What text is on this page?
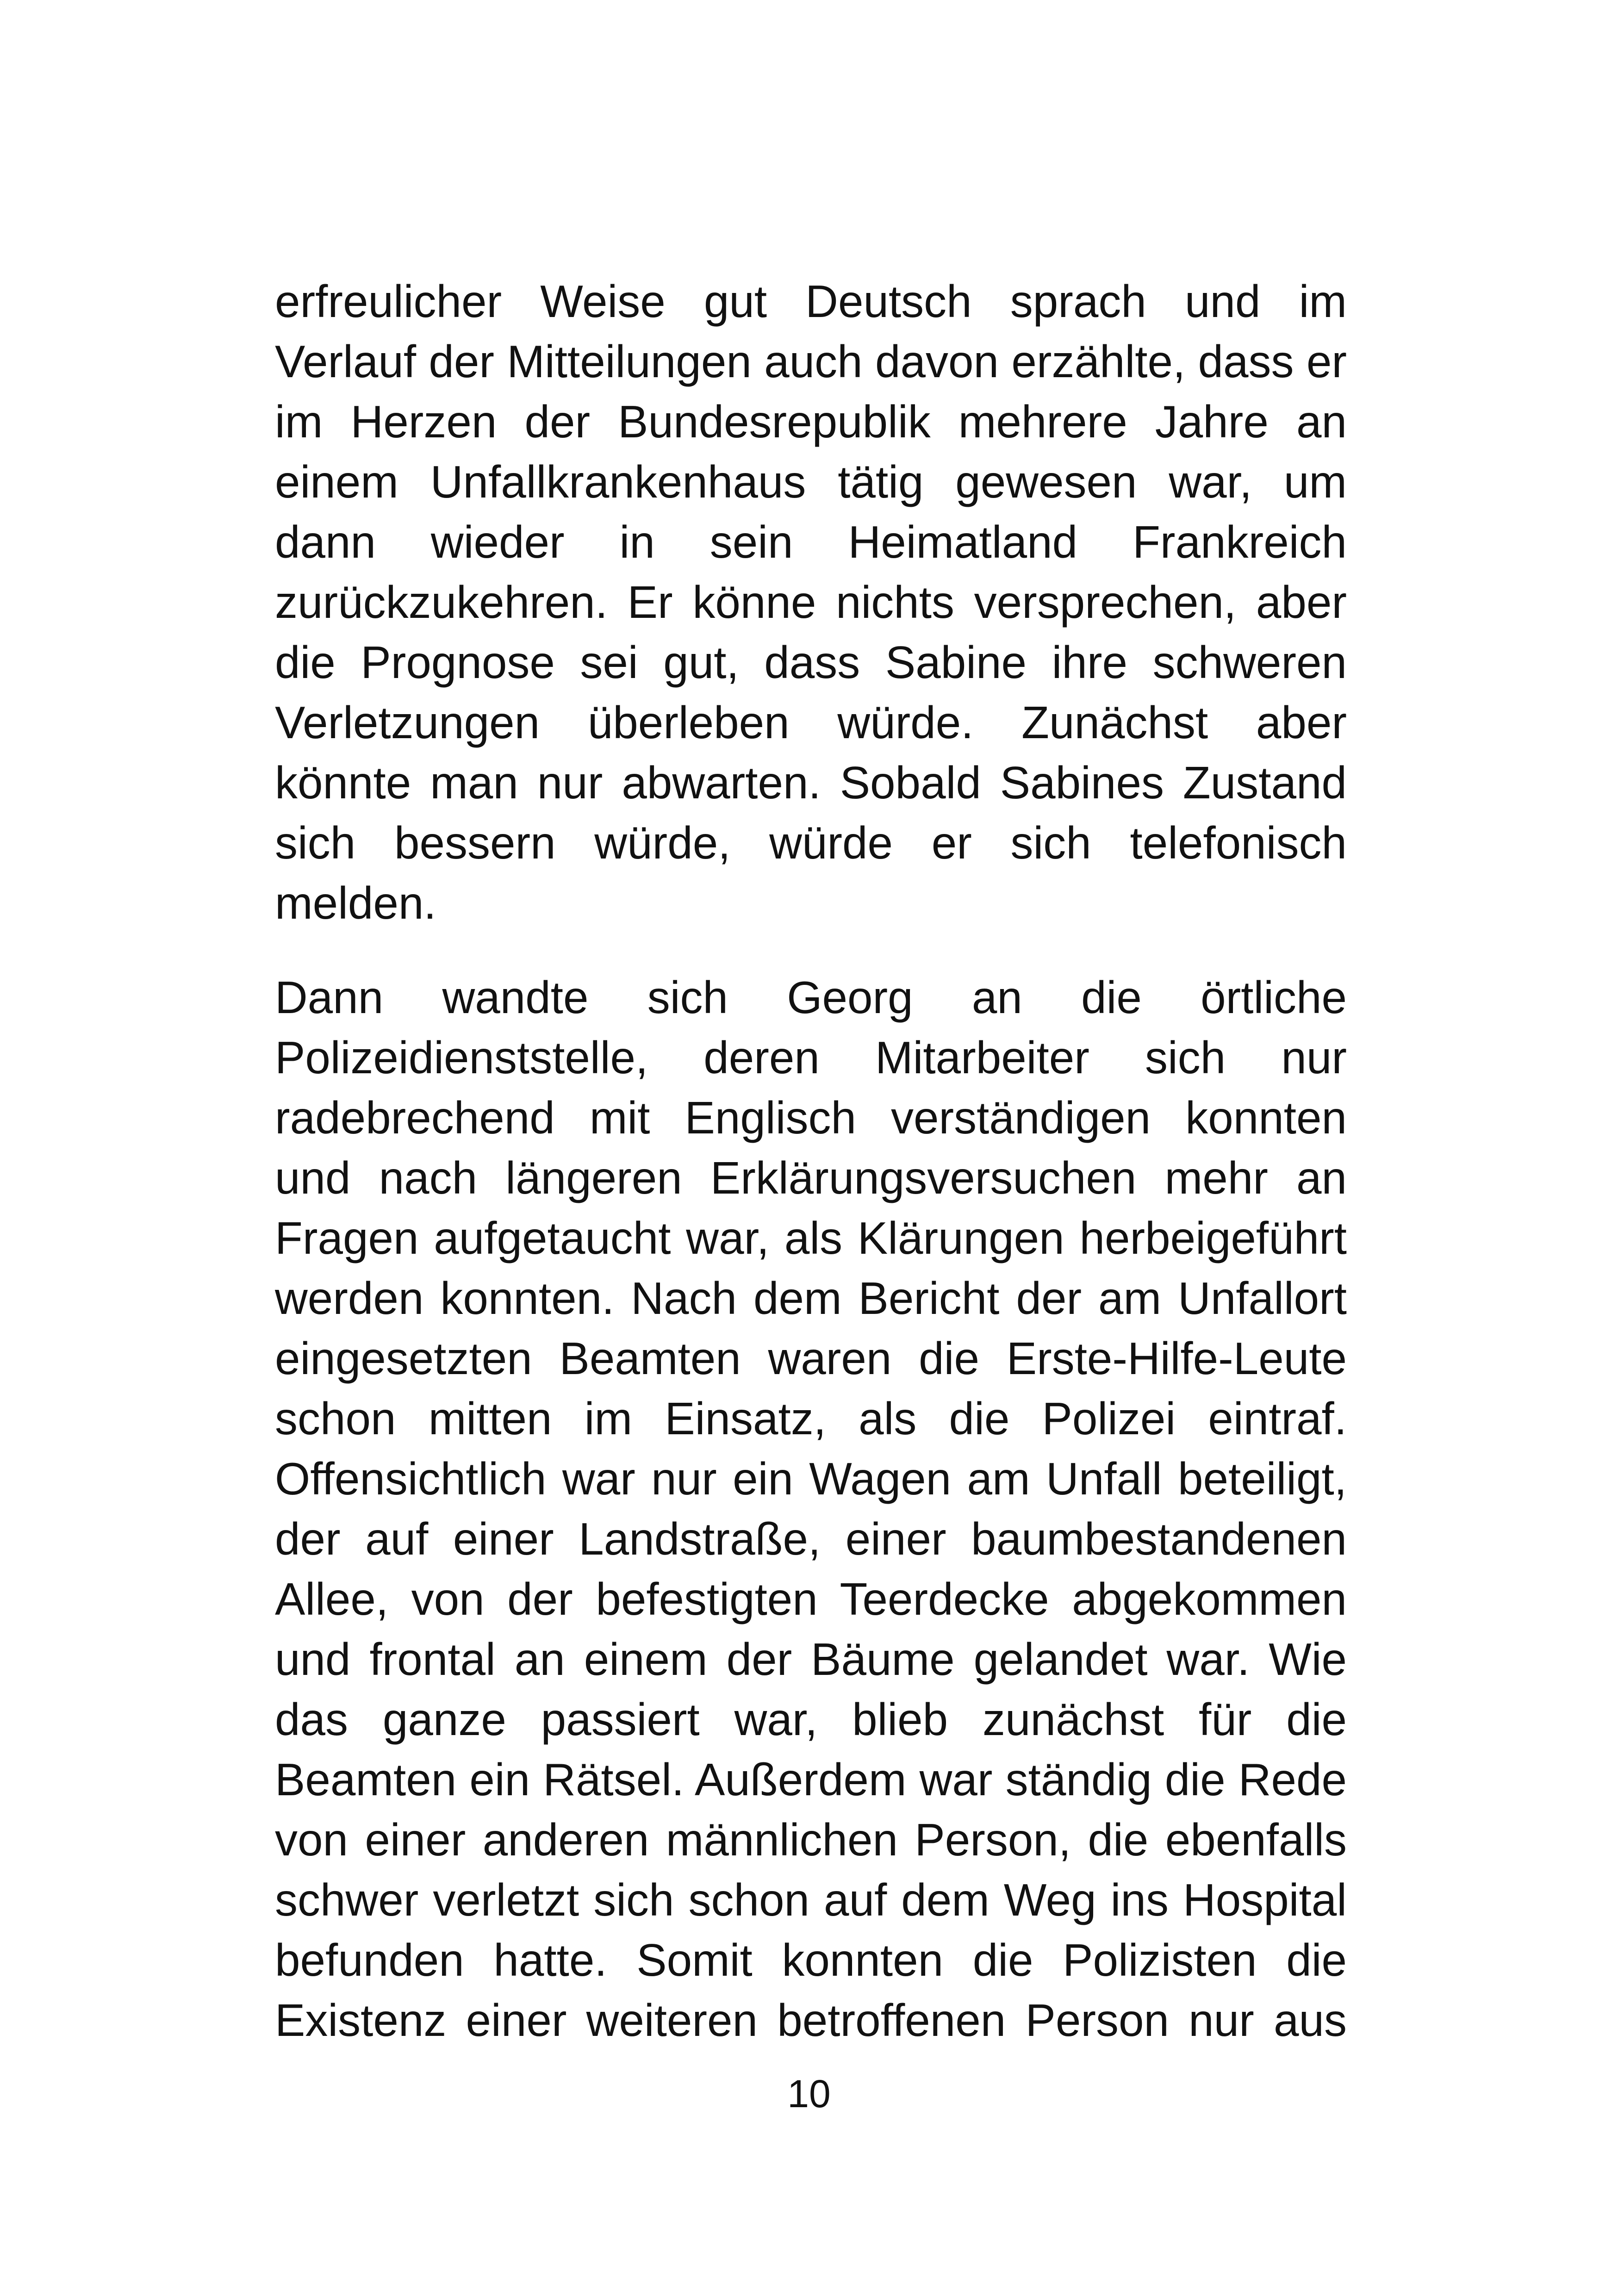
erfreulicher Weise gut Deutsch sprach und im
Verlauf der Mitteilungen auch davon erzählte, dass er
im Herzen der Bundesrepublik mehrere Jahre an
einem Unfallkrankenhaus tätig gewesen war, um
dann wieder in sein Heimatland Frankreich
zurückzukehren. Er könne nichts versprechen, aber
die Prognose sei gut, dass Sabine ihre schweren
Verletzungen überleben würde. Zunächst aber
könnte man nur abwarten. Sobald Sabines Zustand
sich bessern würde, würde er sich telefonisch
melden.

Dann wandte sich Georg an die örtliche
Polizeidienststelle, deren Mitarbeiter sich nur
radebrechend mit Englisch verständigen konnten
und nach längeren Erklärungsversuchen mehr an
Fragen aufgetaucht war, als Klärungen herbeigeführt
werden konnten. Nach dem Bericht der am Unfallort
eingesetzten Beamten waren die Erste-Hilfe-Leute
schon mitten im Einsatz, als die Polizei eintraf.
Offensichtlich war nur ein Wagen am Unfall beteiligt,
der auf einer Landstraße, einer baumbestandenen
Allee, von der befestigten Teerdecke abgekommen
und frontal an einem der Bäume gelandet war. Wie
das ganze passiert war, blieb zunächst für die
Beamten ein Rätsel. Außerdem war ständig die Rede
von einer anderen männlichen Person, die ebenfalls
schwer verletzt sich schon auf dem Weg ins Hospital
befunden hatte. Somit konnten die Polizisten die
Existenz einer weiteren betroffenen Person nur aus

10
